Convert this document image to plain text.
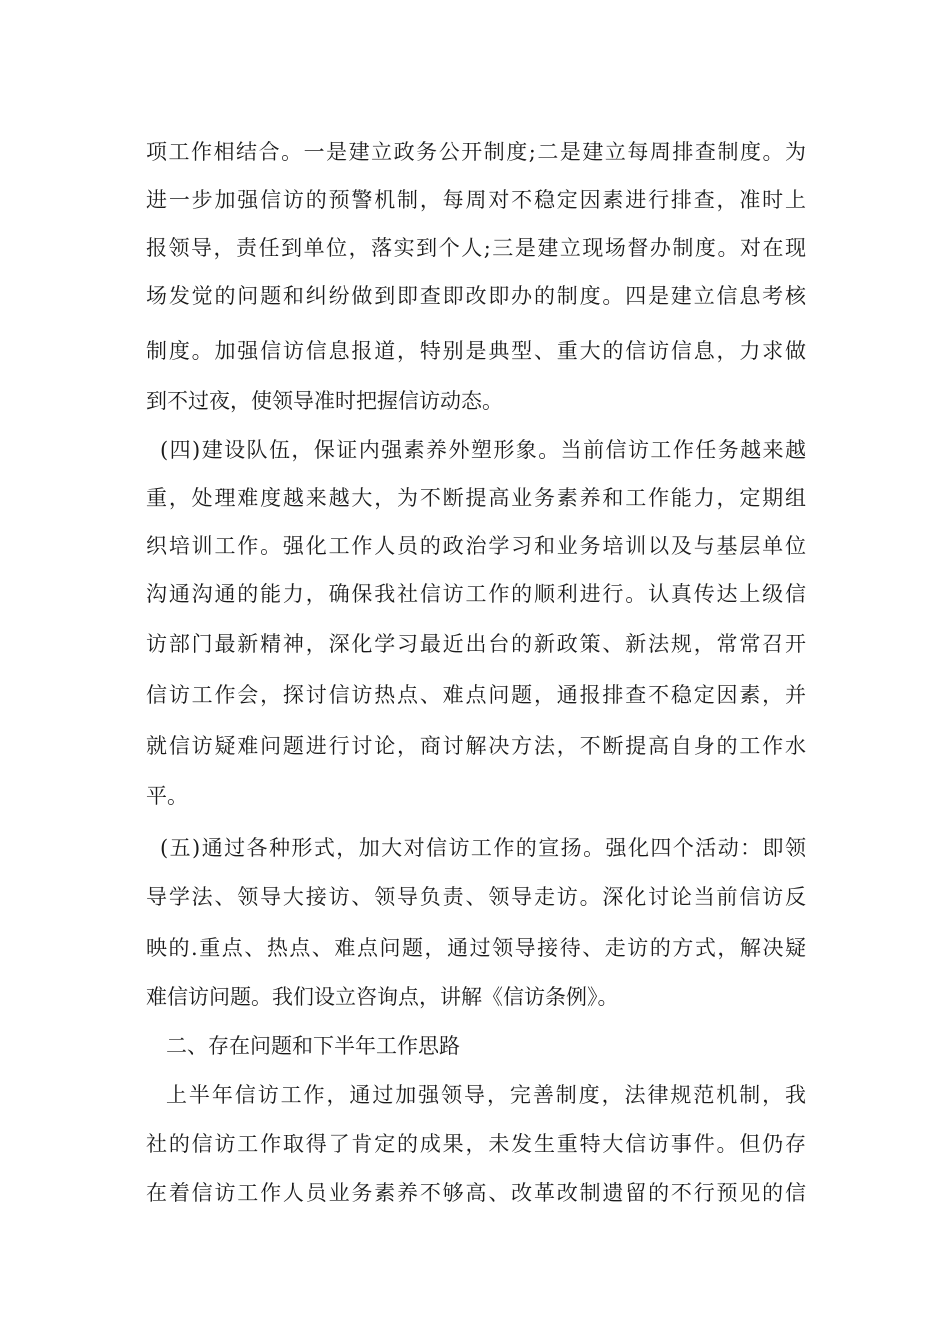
项工作相结合。一是建立政务公开制度;二是建立每周排查制度。为
进一步加强信访的预警机制，每周对不稳定因素进行排查，准时上
报领导，责任到单位，落实到个人;三是建立现场督办制度。对在现
场发觉的问题和纠纷做到即查即改即办的制度。四是建立信息考核
制度。加强信访信息报道，特别是典型、重大的信访信息，力求做
到不过夜，使领导准时把握信访动态。
(四)建设队伍，保证内强素养外塑形象。当前信访工作任务越来越
重，处理难度越来越大，为不断提高业务素养和工作能力，定期组
织培训工作。强化工作人员的政治学习和业务培训以及与基层单位
沟通沟通的能力，确保我社信访工作的顺利进行。认真传达上级信
访部门最新精神，深化学习最近出台的新政策、新法规，常常召开
信访工作会，探讨信访热点、难点问题，通报排查不稳定因素，并
就信访疑难问题进行讨论，商讨解决方法，不断提高自身的工作水
平。
(五)通过各种形式，加大对信访工作的宣扬。强化四个活动：即领
导学法、领导大接访、领导负责、领导走访。深化讨论当前信访反
映的.重点、热点、难点问题，通过领导接待、走访的方式，解决疑
难信访问题。我们设立咨询点，讲解《信访条例》。
二、存在问题和下半年工作思路
上半年信访工作，通过加强领导，完善制度，法律规范机制，我
社的信访工作取得了肯定的成果，未发生重特大信访事件。但仍存
在着信访工作人员业务素养不够高、改革改制遗留的不行预见的信
